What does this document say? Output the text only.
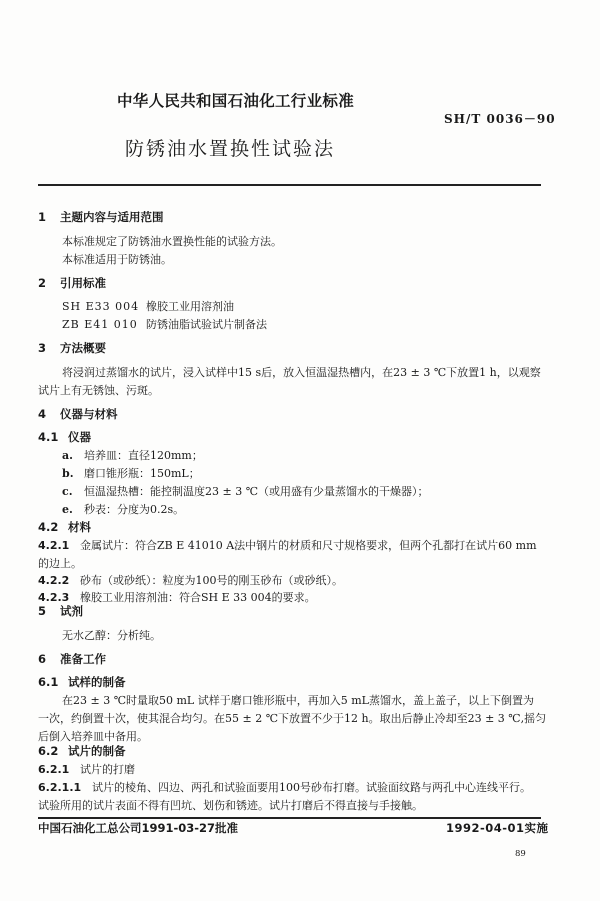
中华人民共和国石油化工行业标准
SH/T 0036－90
防锈油水置换性试验法
1 主题内容与适用范围
本标准规定了防锈油水置换性能的试验方法。
本标准适用于防锈油。
2 引用标准
SH E33 004 橡胶工业用溶剂油
ZB E41 010 防锈油脂试验试片制备法
3 方法概要
将浸润过蒸馏水的试片，浸入试样中15 s后，放入恒温湿热槽内，在23 ± 3 ℃下放置1 h，以观察
试片上有无锈蚀、污斑。
4 仪器与材料
4.1 仪器
a. 培养皿：直径120mm；
b. 磨口锥形瓶：150mL；
c. 恒温湿热槽：能控制温度23 ± 3 ℃（或用盛有少量蒸馏水的干燥器）；
e. 秒表：分度为0.2s。
4.2 材料
4.2.1 金属试片：符合ZB E 41010 A法中钢片的材质和尺寸规格要求，但两个孔都打在试片60 mm
的边上。
4.2.2 砂布（或砂纸）：粒度为100号的刚玉砂布（或砂纸）。
4.2.3 橡胶工业用溶剂油：符合SH E 33 004的要求。
5 试剂
无水乙醇：分析纯。
6 准备工作
6.1 试样的制备
在23 ± 3 ℃时量取50 mL 试样于磨口锥形瓶中，再加入5 mL蒸馏水，盖上盖子，以上下倒置为
一次，约倒置十次，使其混合均匀。在55 ± 2 ℃下放置不少于12 h。取出后静止冷却至23 ± 3 ℃,摇匀
后倒入培养皿中备用。
6.2 试片的制备
6.2.1 试片的打磨
6.2.1.1 试片的棱角、四边、两孔和试验面要用100号砂布打磨。试验面纹路与两孔中心连线平行。
试验所用的试片表面不得有凹坑、划伤和锈迹。试片打磨后不得直接与手接触。
中国石油化工总公司1991-03-27批准	1992-04-01实施
89
